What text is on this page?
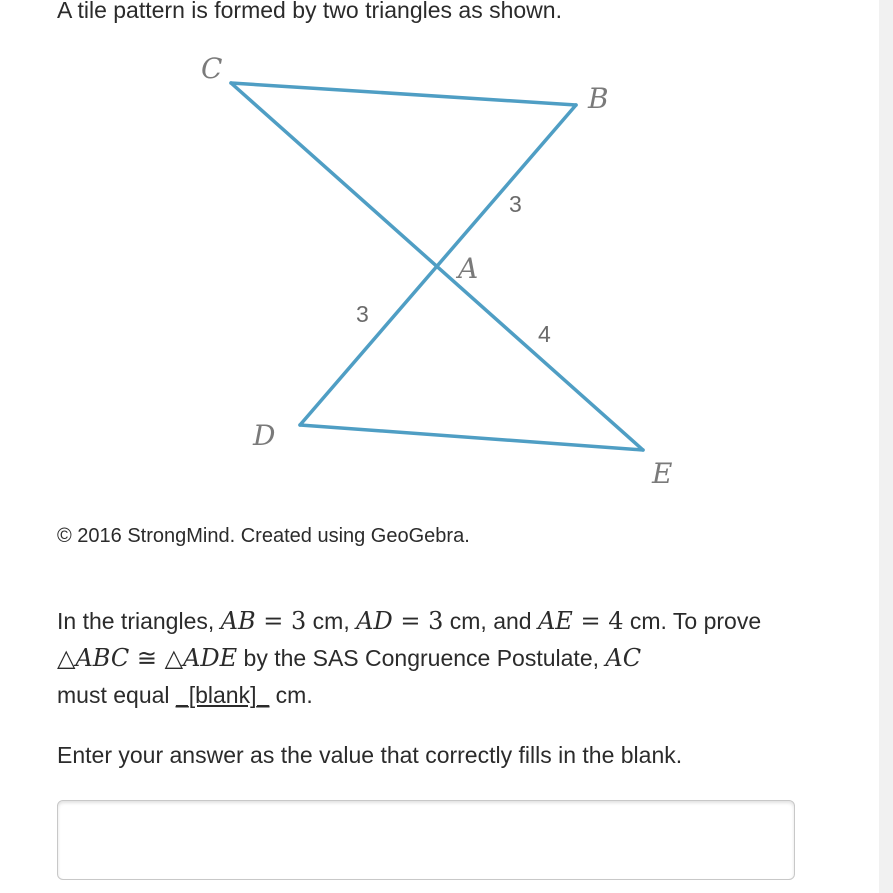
A tile pattern is formed by two triangles as shown.

C
B
A
D
E
3
3
4

© 2016 StrongMind. Created using GeoGebra.

In the triangles, AB = 3 cm, AD = 3 cm, and AE = 4 cm. To prove △ABC ≅ △ADE by the SAS Congruence Postulate, AC
must equal _[blank]_ cm.

Enter your answer as the value that correctly fills in the blank.
